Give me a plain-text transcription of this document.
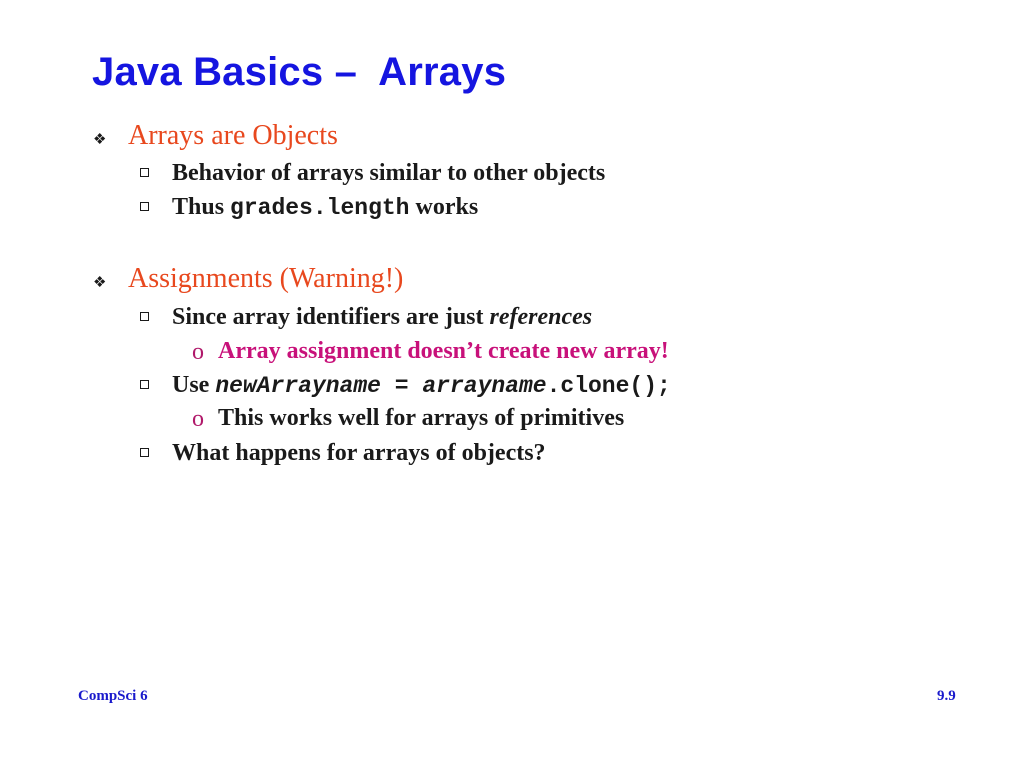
Java Basics –  Arrays
❖ Arrays are Objects
Behavior of arrays similar to other objects
Thus grades.length works
❖ Assignments (Warning!)
Since array identifiers are just references
o Array assignment doesn’t create new array!
Use newArrayname = arrayname.clone();
o This works well for arrays of primitives
What happens for arrays of objects?
CompSci 6	9.9
